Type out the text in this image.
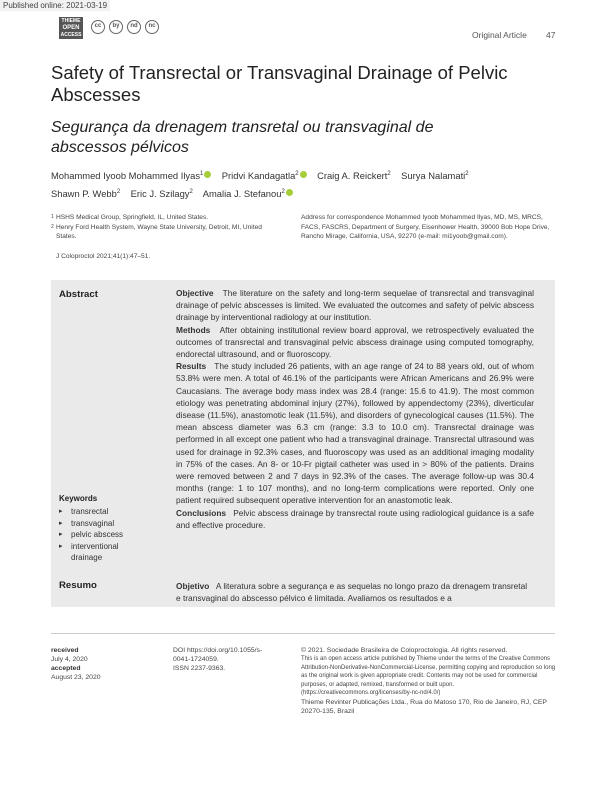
Published online: 2021-03-19
THIEME
OPEN
ACCESS
cc	by	nd	nc
Original Article 47
Safety of Transrectal or Transvaginal Drainage of Pelvic Abscesses
Segurança da drenagem transretal ou transvaginal de abscessos pélvicos
Mohammed Iyoob Mohammed Ilyas$^1$ Pridvi Kandagatla$^2$ Craig A. Reickert$^2$ Surya Nalamati$^2$
Shawn P. Webb$^2$ Eric J. Szilagy$^2$ Amalia J. Stefanou$^2$
1 HSHS Medical Group, Springfield, IL, United States.
2 Henry Ford Health System, Wayne State University, Detroit, MI, United States.
Address for correspondence Mohammed Iyoob Mohammed Ilyas, MD, MS, MRCS, FACS, FASCRS, Department of Surgery, Eisenhower Health, 39000 Bob Hope Drive, Rancho Mirage, California, USA, 92270 (e-mail: mi1yoob@gmail.com).
J Coloproctol 2021;41(1):47–51.
Abstract	Objective The literature on the safety and long-term sequelae of transrectal and transvaginal drainage of pelvic abscesses is limited. We evaluated the outcomes and safety of pelvic abscess drainage by interventional radiology at our institution.
Methods After obtaining institutional review board approval, we retrospectively evaluated the outcomes of transrectal and transvaginal pelvic abscess drainage using computed tomography, endorectal ultrasound, and or fluoroscopy.
Results The study included 26 patients, with an age range of 24 to 88 years old, out of whom 53.8% were men. A total of 46.1% of the participants were African Americans and 26.9% were Caucasians. The average body mass index was 28.4 (range: 15.6 to 41.9). The most common etiology was penetrating abdominal injury (27%), followed by appendectomy (23%), diverticular disease (11.5%), anastomotic leak (11.5%), and disorders of gynecological causes (11.5%). The mean abscess diameter was 6.3 cm (range: 3.3 to 10.0 cm). Transrectal drainage was performed in all except one patient who had a transvaginal drainage. Transrectal ultrasound was used for drainage in 92.3% cases, and fluoroscopy was used as an additional imaging modality in 75% of the cases. An 8- or 10-Fr pigtail catheter was used in > 80% of the patients. Drains were removed between 2 and 7 days in 92.3% of the cases. The average follow-up was 30.4 months (range: 1 to 107 months), and no long-term complications were reported. Only one patient required subsequent operative intervention for an anastomotic leak.
Conclusions Pelvic abscess drainage by transrectal route using radiological guidance is a safe and effective procedure.
Keywords
▸ transrectal
▸ transvaginal
▸ pelvic abscess
▸ interventional drainage
Resumo	Objetivo A literatura sobre a segurança e as sequelas no longo prazo da drenagem transretal e transvaginal do abscesso pélvico é limitada. Avaliamos os resultados e a
received
July 4, 2020
accepted
August 23, 2020
DOI https://doi.org/10.1055/s-0041-1724059.
ISSN 2237-9363.
© 2021. Sociedade Brasileira de Coloproctologia. All rights reserved.
This is an open access article published by Thieme under the terms of the Creative Commons Attribution-NonDerivative-NonCommercial-License, permitting copying and reproduction so long as the original work is given appropriate credit. Contents may not be used for commercial purposes, or adapted, remixed, transformed or built upon. (https://creativecommons.org/licenses/by-nc-nd/4.0/)
Thieme Revinter Publicações Ltda., Rua do Matoso 170, Rio de Janeiro, RJ, CEP 20270-135, Brazil
